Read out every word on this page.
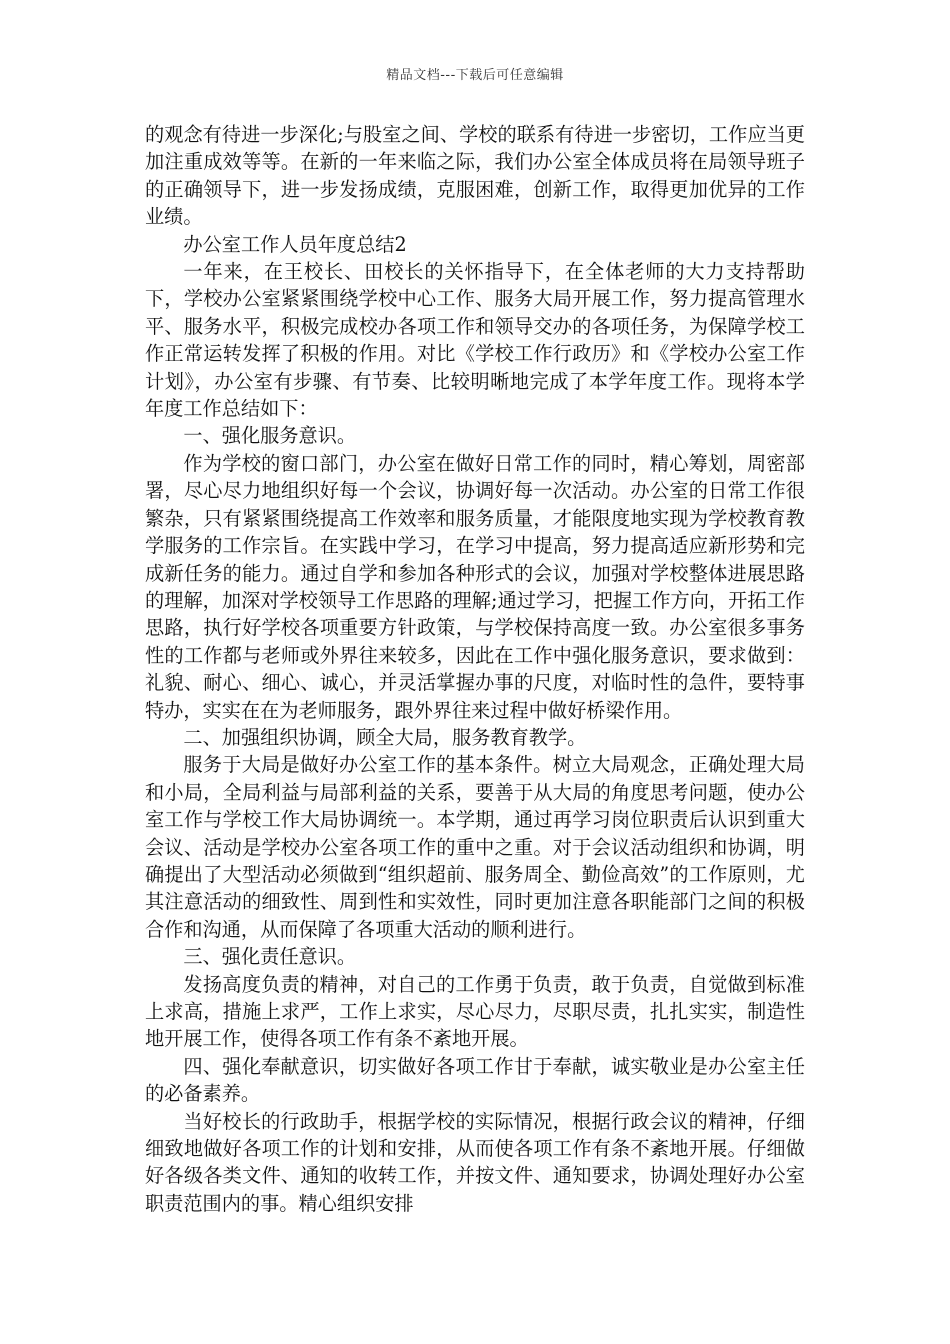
精品文档---下载后可任意编辑

的观念有待进一步深化;与股室之间、学校的联系有待进一步密切，工作应当更加注重成效等等。在新的一年来临之际，我们办公室全体成员将在局领导班子的正确领导下，进一步发扬成绩，克服困难，创新工作，取得更加优异的工作业绩。

办公室工作人员年度总结2

一年来，在王校长、田校长的关怀指导下，在全体老师的大力支持帮助下，学校办公室紧紧围绕学校中心工作、服务大局开展工作，努力提高管理水平、服务水平，积极完成校办各项工作和领导交办的各项任务，为保障学校工作正常运转发挥了积极的作用。对比《学校工作行政历》和《学校办公室工作计划》，办公室有步骤、有节奏、比较明晰地完成了本学年度工作。现将本学年度工作总结如下：

一、强化服务意识。

作为学校的窗口部门，办公室在做好日常工作的同时，精心筹划，周密部署，尽心尽力地组织好每一个会议，协调好每一次活动。办公室的日常工作很繁杂，只有紧紧围绕提高工作效率和服务质量，才能限度地实现为学校教育教学服务的工作宗旨。在实践中学习，在学习中提高，努力提高适应新形势和完成新任务的能力。通过自学和参加各种形式的会议，加强对学校整体进展思路的理解，加深对学校领导工作思路的理解;通过学习，把握工作方向，开拓工作思路，执行好学校各项重要方针政策，与学校保持高度一致。办公室很多事务性的工作都与老师或外界往来较多，因此在工作中强化服务意识，要求做到：礼貌、耐心、细心、诚心，并灵活掌握办事的尺度，对临时性的急件，要特事特办，实实在在为老师服务，跟外界往来过程中做好桥梁作用。

二、加强组织协调，顾全大局，服务教育教学。

服务于大局是做好办公室工作的基本条件。树立大局观念，正确处理大局和小局，全局利益与局部利益的关系，要善于从大局的角度思考问题，使办公室工作与学校工作大局协调统一。本学期，通过再学习岗位职责后认识到重大会议、活动是学校办公室各项工作的重中之重。对于会议活动组织和协调，明确提出了大型活动必须做到“组织超前、服务周全、勤俭高效”的工作原则，尤其注意活动的细致性、周到性和实效性，同时更加注意各职能部门之间的积极合作和沟通，从而保障了各项重大活动的顺利进行。

三、强化责任意识。

发扬高度负责的精神，对自己的工作勇于负责，敢于负责，自觉做到标准上求高，措施上求严，工作上求实，尽心尽力，尽职尽责，扎扎实实，制造性地开展工作，使得各项工作有条不紊地开展。

四、强化奉献意识，切实做好各项工作甘于奉献，诚实敬业是办公室主任的必备素养。

当好校长的行政助手，根据学校的实际情况，根据行政会议的精神，仔细细致地做好各项工作的计划和安排，从而使各项工作有条不紊地开展。仔细做好各级各类文件、通知的收转工作，并按文件、通知要求，协调处理好办公室职责范围内的事。精心组织安排
